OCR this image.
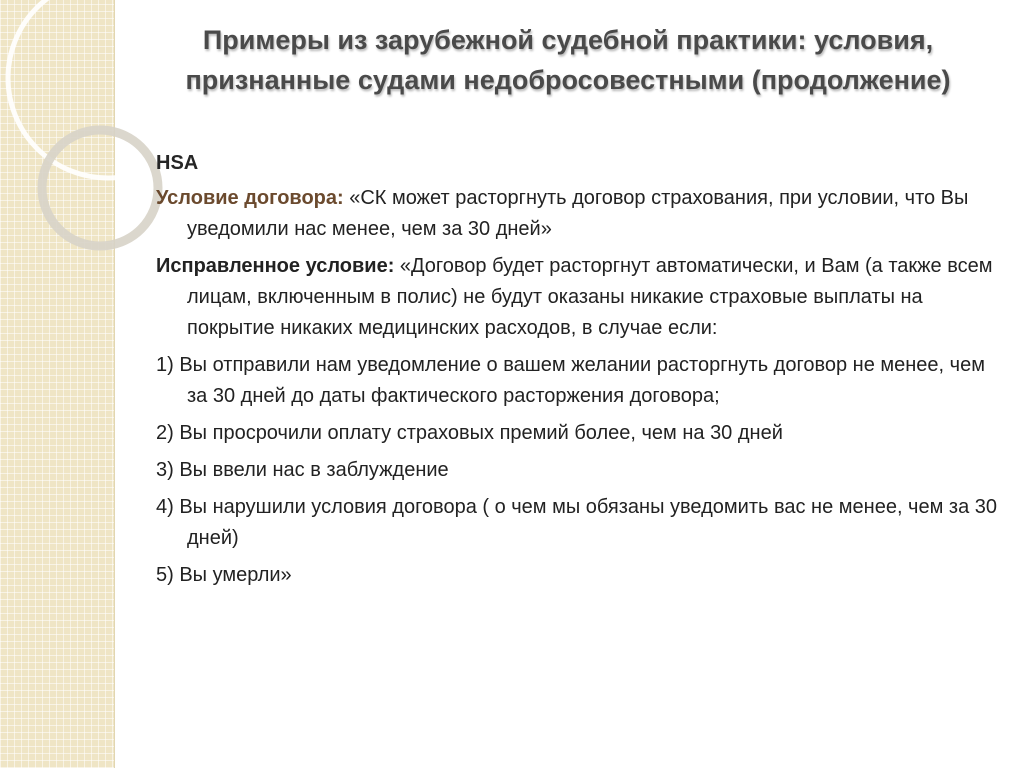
Примеры из зарубежной судебной практики: условия,
признанные судами недобросовестными (продолжение)
HSA
Условие договора: «СК может расторгнуть договор страхования, при условии, что Вы уведомили нас менее, чем за 30 дней»
Исправленное условие: «Договор будет расторгнут автоматически, и Вам (а также всем лицам, включенным в полис) не будут оказаны никакие страховые выплаты на покрытие никаких медицинских расходов, в случае если:
1) Вы отправили нам уведомление о вашем желании расторгнуть договор не менее, чем за 30 дней до даты фактического расторжения договора;
2) Вы просрочили оплату страховых премий более, чем на 30 дней
3) Вы ввели нас в заблуждение
4) Вы нарушили условия договора ( о чем мы обязаны уведомить вас не менее, чем за 30 дней)
5) Вы умерли»
